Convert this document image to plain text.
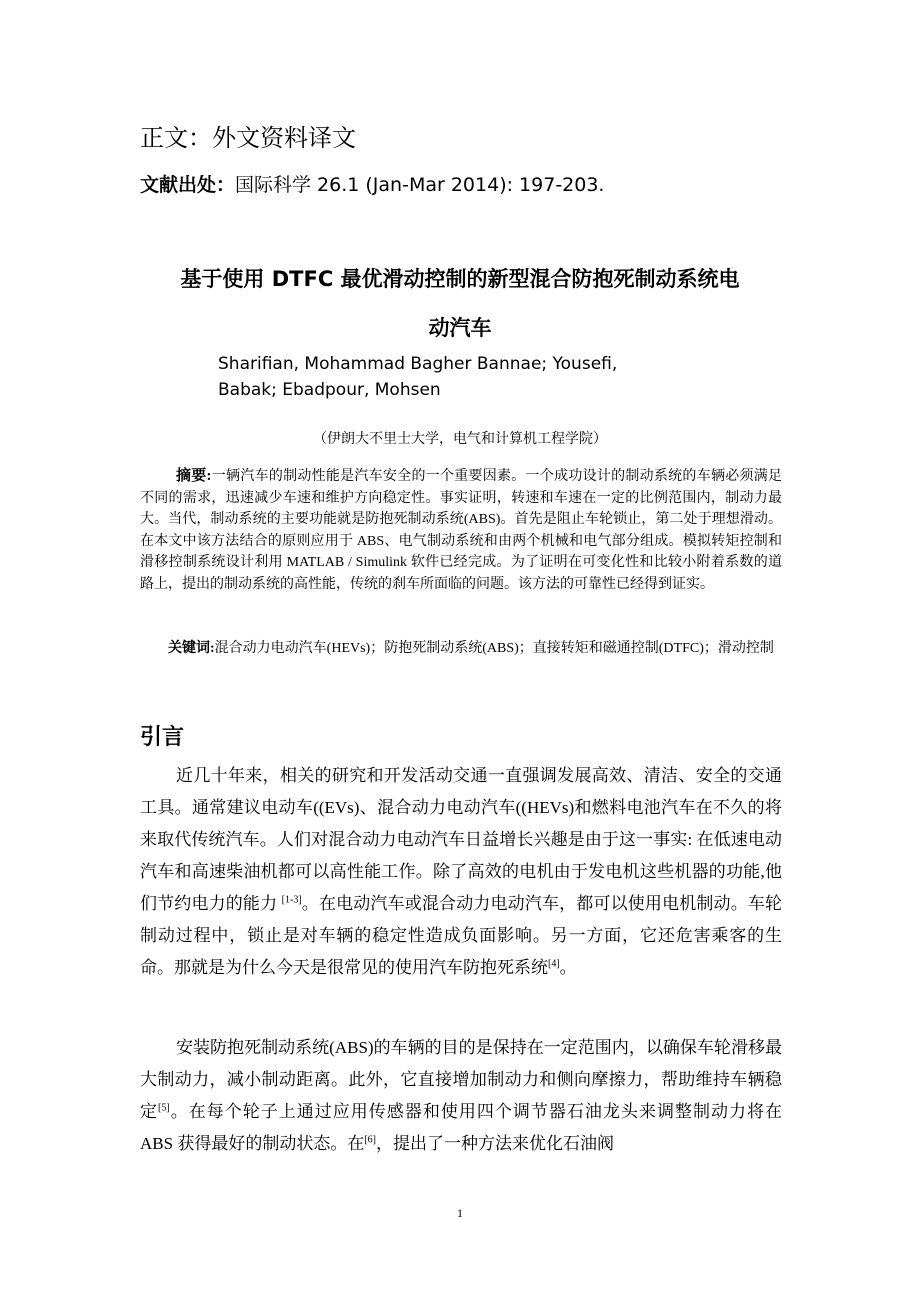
正文：外文资料译文
文献出处：国际科学 26.1 (Jan-Mar 2014): 197-203.
基于使用 DTFC 最优滑动控制的新型混合防抱死制动系统电
动汽车
Sharifian, Mohammad Bagher Bannae; Yousefi,
Babak; Ebadpour, Mohsen
（伊朗大不里士大学，电气和计算机工程学院）
摘要:一辆汽车的制动性能是汽车安全的一个重要因素。一个成功设计的制动系统的车辆必须满足不同的需求，迅速减少车速和维护方向稳定性。事实证明，转速和车速在一定的比例范围内，制动力最大。当代，制动系统的主要功能就是防抱死制动系统(ABS)。首先是阻止车轮锁止，第二处于理想滑动。在本文中该方法结合的原则应用于 ABS、电气制动系统和由两个机械和电气部分组成。模拟转矩控制和滑移控制系统设计利用 MATLAB / Simulink 软件已经完成。为了证明在可变化性和比较小附着系数的道路上，提出的制动系统的高性能，传统的刹车所面临的问题。该方法的可靠性已经得到证实。
关键词:混合动力电动汽车(HEVs)；防抱死制动系统(ABS)；直接转矩和磁通控制(DTFC)；滑动控制
引言
近几十年来，相关的研究和开发活动交通一直强调发展高效、清洁、安全的交通工具。通常建议电动车((EVs)、混合动力电动汽车((HEVs)和燃料电池汽车在不久的将来取代传统汽车。人们对混合动力电动汽车日益增长兴趣是由于这一事实: 在低速电动汽车和高速柴油机都可以高性能工作。除了高效的电机由于发电机这些机器的功能,他们节约电力的能力 [1-3]。在电动汽车或混合动力电动汽车，都可以使用电机制动。车轮制动过程中，锁止是对车辆的稳定性造成负面影响。另一方面，它还危害乘客的生命。那就是为什么今天是很常见的使用汽车防抱死系统[4]。
安装防抱死制动系统(ABS)的车辆的目的是保持在一定范围内，以确保车轮滑移最大制动力，减小制动距离。此外，它直接增加制动力和侧向摩擦力，帮助维持车辆稳定[5]。在每个轮子上通过应用传感器和使用四个调节器石油龙头来调整制动力将在 ABS 获得最好的制动状态。在[6]，提出了一种方法来优化石油阀
1
